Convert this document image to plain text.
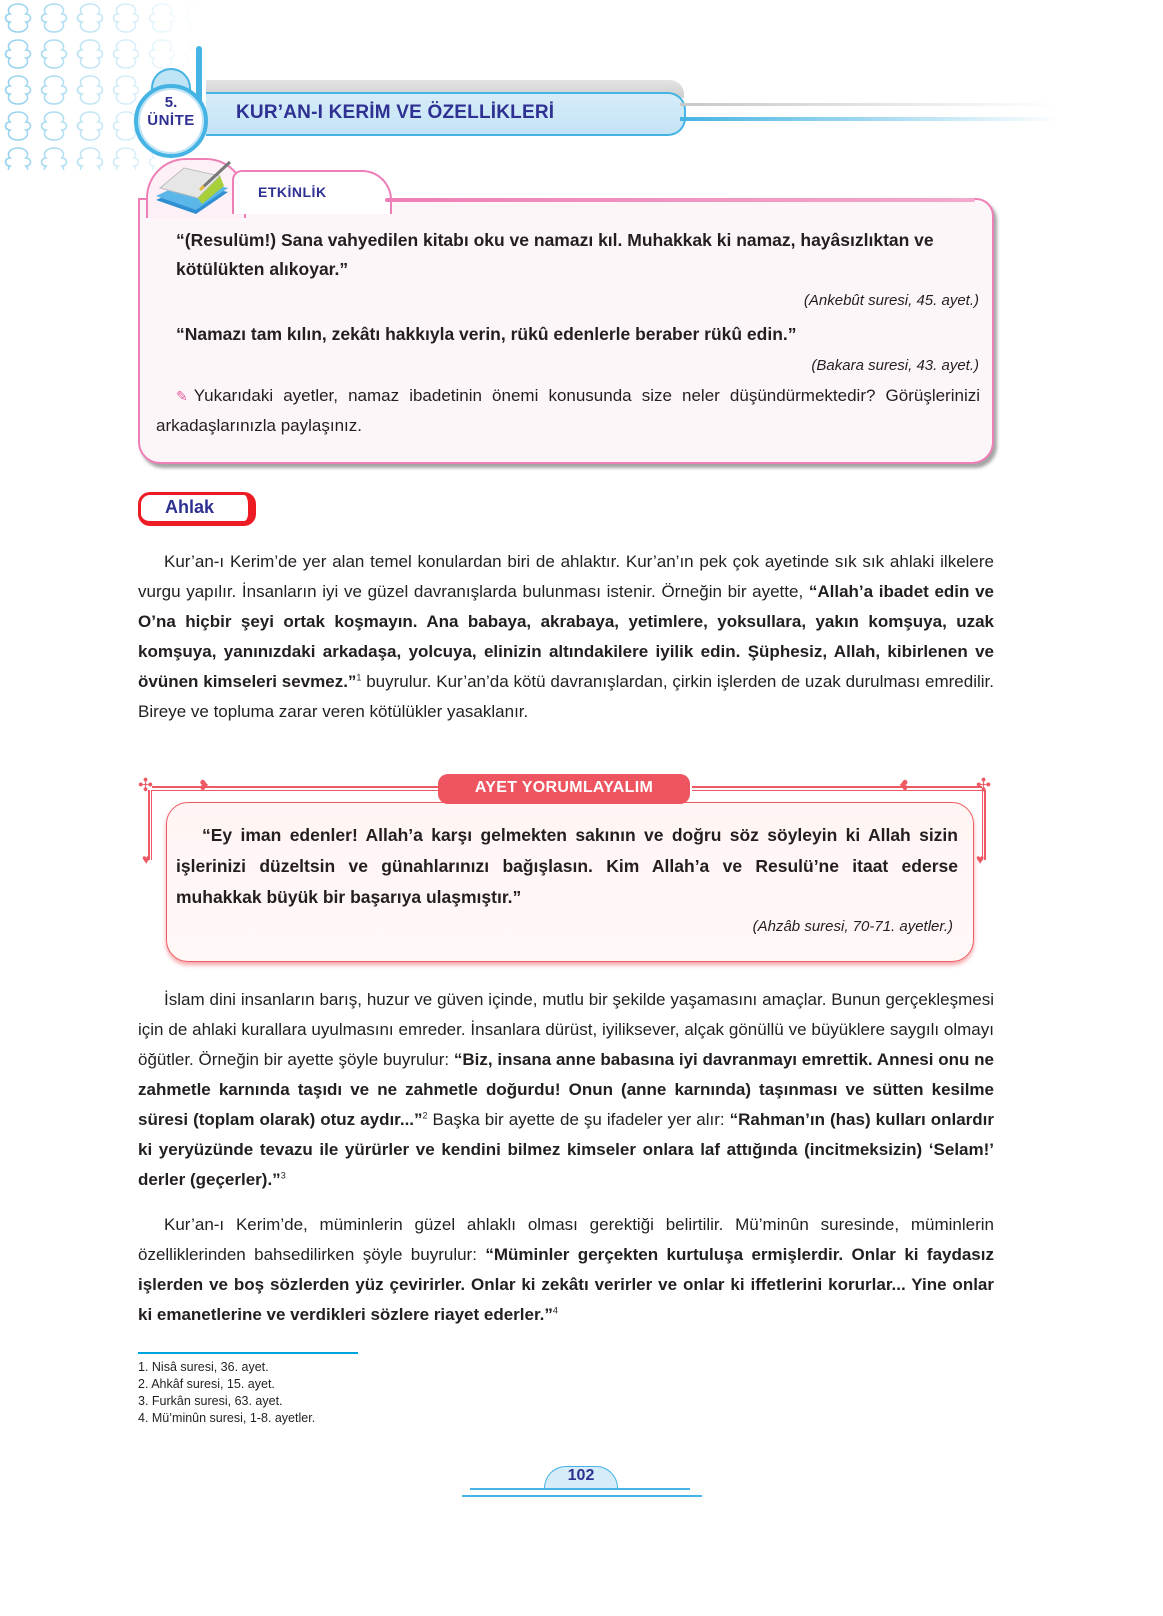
KUR’AN-I KERİM VE ÖZELLİKLERİ
5.
ÜNİTE
ETKİNLİK
“(Resulüm!) Sana vahyedilen kitabı oku ve namazı kıl. Muhakkak ki namaz, hayâsızlıktan ve kötülükten alıkoyar.”
(Ankebût suresi, 45. ayet.)
“Namazı tam kılın, zekâtı hakkıyla verin, rükû edenlerle beraber rükû edin.”
(Bakara suresi, 43. ayet.)
✎ Yukarıdaki ayetler, namaz ibadetinin önemi konusunda size neler düşündürmektedir? Görüşlerinizi arkadaşlarınızla paylaşınız.
Ahlak
Kur’an-ı Kerim’de yer alan temel konulardan biri de ahlaktır. Kur’an’ın pek çok ayetinde sık sık ahlaki ilkelere vurgu yapılır. İnsanların iyi ve güzel davranışlarda bulunması istenir. Örneğin bir ayette, “Allah’a ibadet edin ve O’na hiçbir şeyi ortak koşmayın. Ana babaya, akrabaya, yetimlere, yoksullara, yakın komşuya, uzak komşuya, yanınızdaki arkadaşa, yolcuya, elinizin altındakilere iyilik edin. Şüphesiz, Allah, kibirlenen ve övünen kimseleri sevmez.”$^1$ buyrulur. Kur’an’da kötü davranışlardan, çirkin işlerden de uzak durulması emredilir. Bireye ve topluma zarar veren kötülükler yasaklanır.
✣	✣
❥	❥
♥	♥
AYET YORUMLAYALIM
“Ey iman edenler! Allah’a karşı gelmekten sakının ve doğru söz söyleyin ki Allah sizin işlerinizi düzeltsin ve günahlarınızı bağışlasın. Kim Allah’a ve Resulü’ne itaat ederse muhakkak büyük bir başarıya ulaşmıştır.”
(Ahzâb suresi, 70-71. ayetler.)
İslam dini insanların barış, huzur ve güven içinde, mutlu bir şekilde yaşamasını amaçlar. Bunun gerçekleşmesi için de ahlaki kurallara uyulmasını emreder. İnsanlara dürüst, iyiliksever, alçak gönüllü ve büyüklere saygılı olmayı öğütler. Örneğin bir ayette şöyle buyrulur: “Biz, insana anne babasına iyi davranmayı emrettik. Annesi onu ne zahmetle karnında taşıdı ve ne zahmetle doğurdu! Onun (anne karnında) taşınması ve sütten kesilme süresi (toplam olarak) otuz aydır...”$^2$ Başka bir ayette de şu ifadeler yer alır: “Rahman’ın (has) kulları onlardır ki yeryüzünde tevazu ile yürürler ve kendini bilmez kimseler onlara laf attığında (incitmeksizin) ‘Selam!’ derler (geçerler).”$^3$
Kur’an-ı Kerim’de, müminlerin güzel ahlaklı olması gerektiği belirtilir. Mü’minûn suresinde, müminlerin özelliklerinden bahsedilirken şöyle buyrulur: “Müminler gerçekten kurtuluşa ermişlerdir. Onlar ki faydasız işlerden ve boş sözlerden yüz çevirirler. Onlar ki zekâtı verirler ve onlar ki iffetlerini korurlar... Yine onlar ki emanetlerine ve verdikleri sözlere riayet ederler.”$^4$
1. Nisâ suresi, 36. ayet.
2. Ahkâf suresi, 15. ayet.
3. Furkân suresi, 63. ayet.
4. Mü’minûn suresi, 1-8. ayetler.
102
